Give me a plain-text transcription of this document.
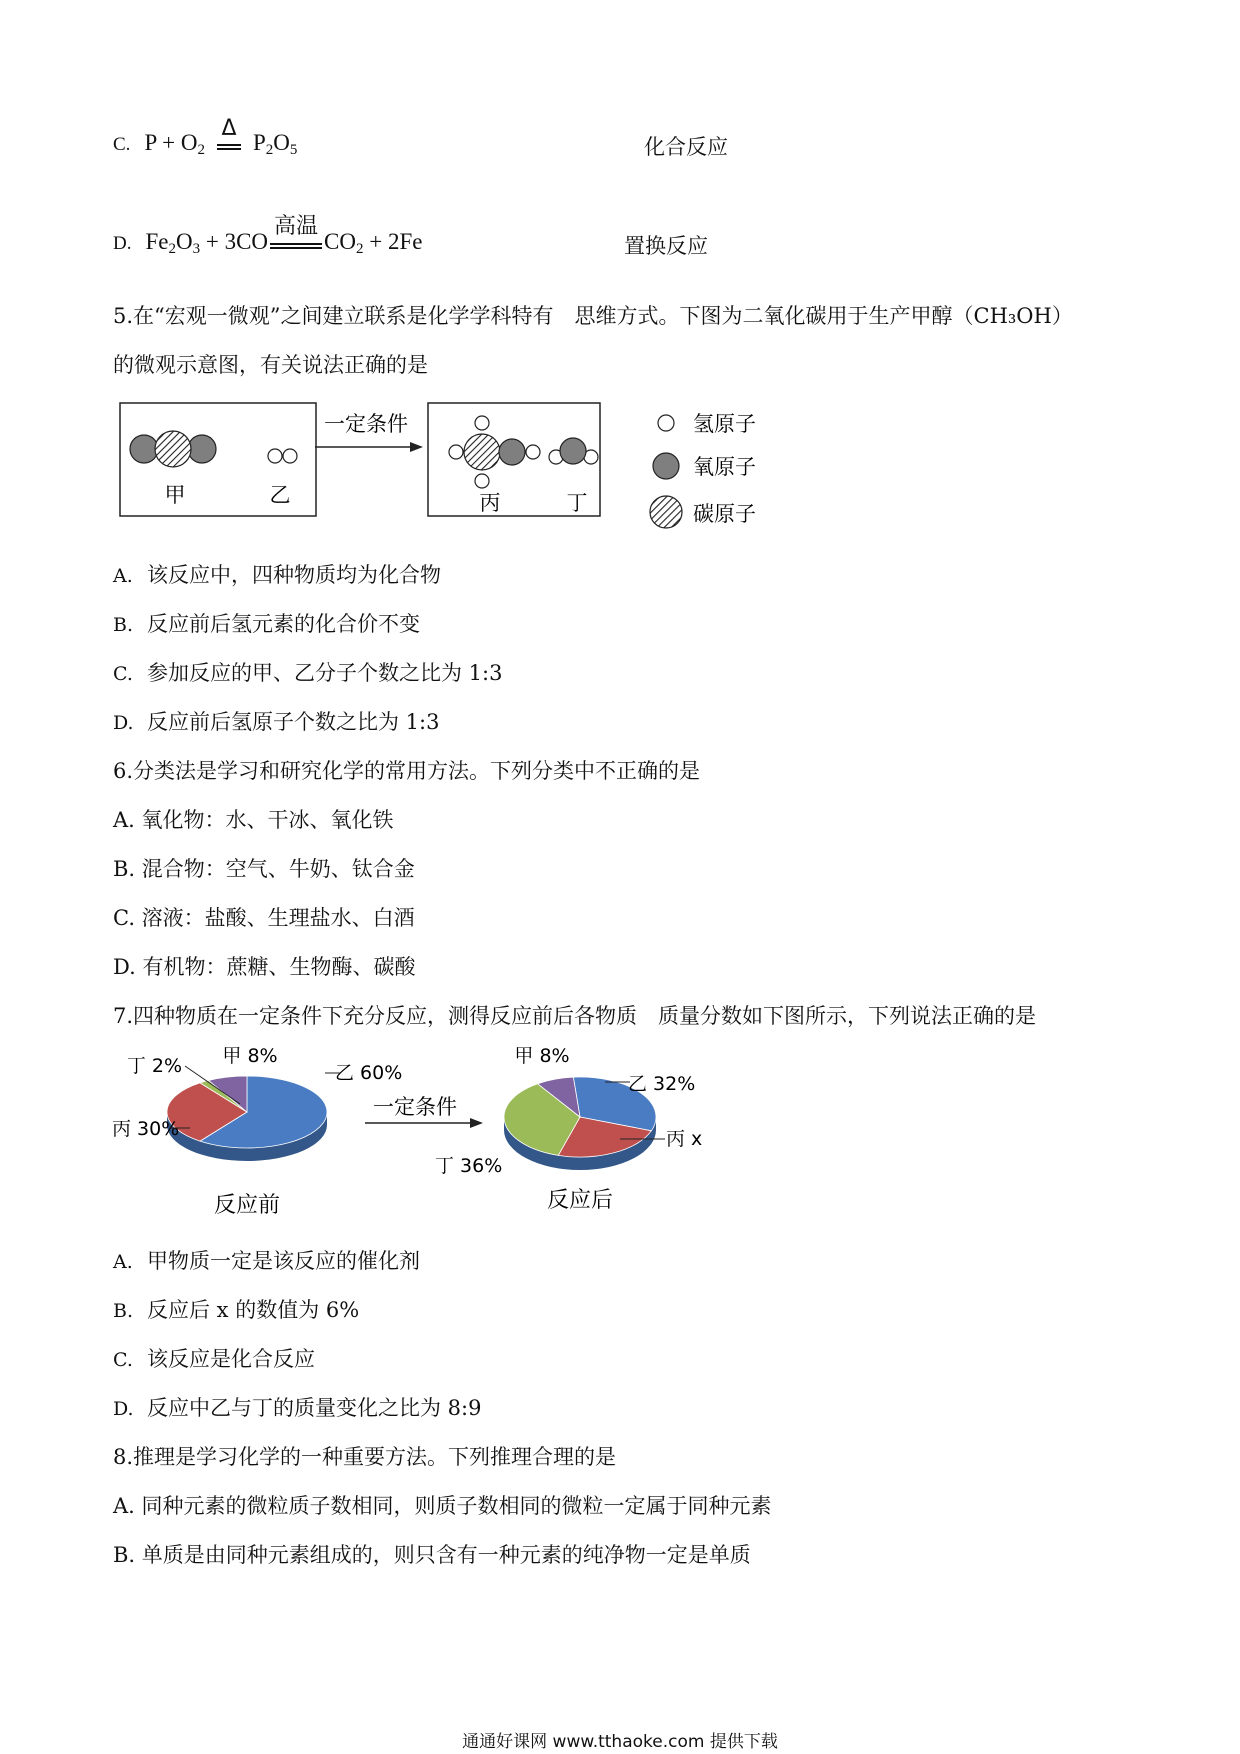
C. $P + O_2$
Δ
$P_2O_5$	化合反应
D. $Fe_2O_3 + 3CO$
高温
$CO_2 + 2Fe$	置换反应
5.在“宏观一微观”之间建立联系是化学学科特有　思维方式。下图为二氧化碳用于生产甲醇（CH₃OH）
的微观示意图，有关说法正确的是
甲	乙
一定条件
丙	丁
氢原子
氧原子
碳原子
A. 该反应中，四种物质均为化合物
B. 反应前后氢元素的化合价不变
C. 参加反应的甲、乙分子个数之比为 1:3
D. 反应前后氢原子个数之比为 1:3
6.分类法是学习和研究化学的常用方法。下列分类中不正确的是
A. 氧化物：水、干冰、氧化铁
B. 混合物：空气、牛奶、钛合金
C. 溶液：盐酸、生理盐水、白酒
D. 有机物：蔗糖、生物酶、碳酸
7.四种物质在一定条件下充分反应，测得反应前后各物质　质量分数如下图所示，下列说法正确的是
一定条件
丁 2% 甲 8%
乙 60%
丙 30%
反应前
甲 8%
乙 32%
丙 x
丁 36%
反应后
A. 甲物质一定是该反应的催化剂
B. 反应后 x 的数值为 6%
C. 该反应是化合反应
D. 反应中乙与丁的质量变化之比为 8:9
8.推理是学习化学的一种重要方法。下列推理合理的是
A. 同种元素的微粒质子数相同，则质子数相同的微粒一定属于同种元素
B. 单质是由同种元素组成的，则只含有一种元素的纯净物一定是单质
通通好课网 www.tthaoke.com 提供下载
